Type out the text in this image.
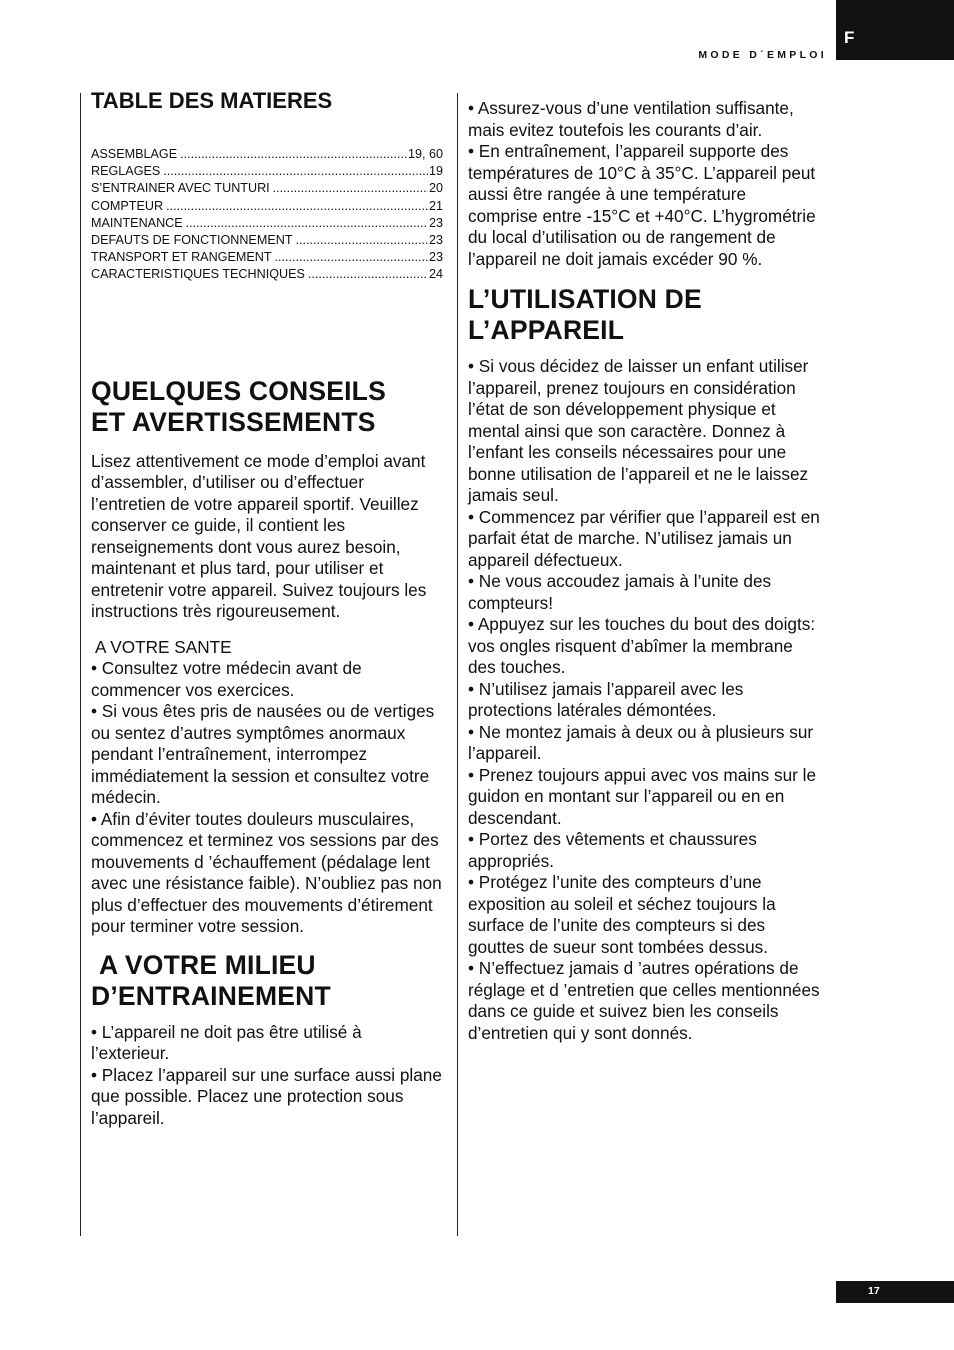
MODE D´EMPLOI
F
TABLE DES MATIERES
ASSEMBLAGE .....	19, 60
REGLAGES .....	19
S’ENTRAINER AVEC TUNTURI .....	20
COMPTEUR .....	21
MAINTENANCE .....	23
DEFAUTS DE FONCTIONNEMENT .....	23
TRANSPORT ET RANGEMENT .....	23
CARACTERISTIQUES TECHNIQUES .....	24
QUELQUES CONSEILS
ET AVERTISSEMENTS

Lisez attentivement ce mode d’emploi avant d’assembler, d’utiliser ou d’effectuer l’entretien de votre appareil sportif. Veuillez conserver ce guide, il contient les renseignements dont vous aurez besoin, maintenant et plus tard, pour utiliser et entretenir votre appareil. Suivez toujours les instructions très rigoureusement.

A VOTRE SANTE

• Consultez votre médecin avant de commencer vos exercices.

• Si vous êtes pris de nausées ou de vertiges ou sentez d’autres symptômes anormaux pendant l’entraînement, interrompez immédiatement la session et consultez votre médecin.

• Afin d’éviter toutes douleurs musculaires, commencez et terminez vos sessions par des mouvements d ’échauffement (pédalage lent avec une résistance faible). N’oubliez pas non plus d’effectuer des mouvements d’étirement pour terminer votre session.

A VOTRE MILIEU
D’ENTRAINEMENT

• L’appareil ne doit pas être utilisé à l’exterieur.

• Placez l’appareil sur une surface aussi plane que possible. Placez une protection sous l’appareil.

• Assurez-vous d’une ventilation suffisante, mais evitez toutefois les courants d’air.

• En entraînement, l’appareil supporte des températures de 10°C à 35°C. L’appareil peut aussi être rangée à une température comprise entre -15°C et +40°C. L’hygrométrie du local d’utilisation ou de rangement de l’appareil ne doit jamais excéder 90 %.

L’UTILISATION DE
L’APPAREIL

• Si vous décidez de laisser un enfant utiliser l’appareil, prenez toujours en considération l’état de son développement physique et mental ainsi que son caractère. Donnez à l’enfant les conseils nécessaires pour une bonne utilisation de l’appareil et ne le laissez jamais seul.

• Commencez par vérifier que l’appareil est en parfait état de marche. N’utilisez jamais un appareil défectueux.

• Ne vous accoudez jamais à l’unite des compteurs!

• Appuyez sur les touches du bout des doigts: vos ongles risquent d’abîmer la membrane des touches.

• N’utilisez jamais l’appareil avec les protections latérales démontées.

• Ne montez jamais à deux ou à plusieurs sur l’appareil.

• Prenez toujours appui avec vos mains sur le guidon en montant sur l’appareil ou en en descendant.

• Portez des vêtements et chaussures appropriés.

• Protégez l’unite des compteurs d’une exposition au soleil et séchez toujours la surface de l’unite des compteurs si des gouttes de sueur sont tombées dessus.

• N’effectuez jamais d ’autres opérations de réglage et d ’entretien que celles mentionnées dans ce guide et suivez bien les conseils d’entretien qui y sont donnés.

17
